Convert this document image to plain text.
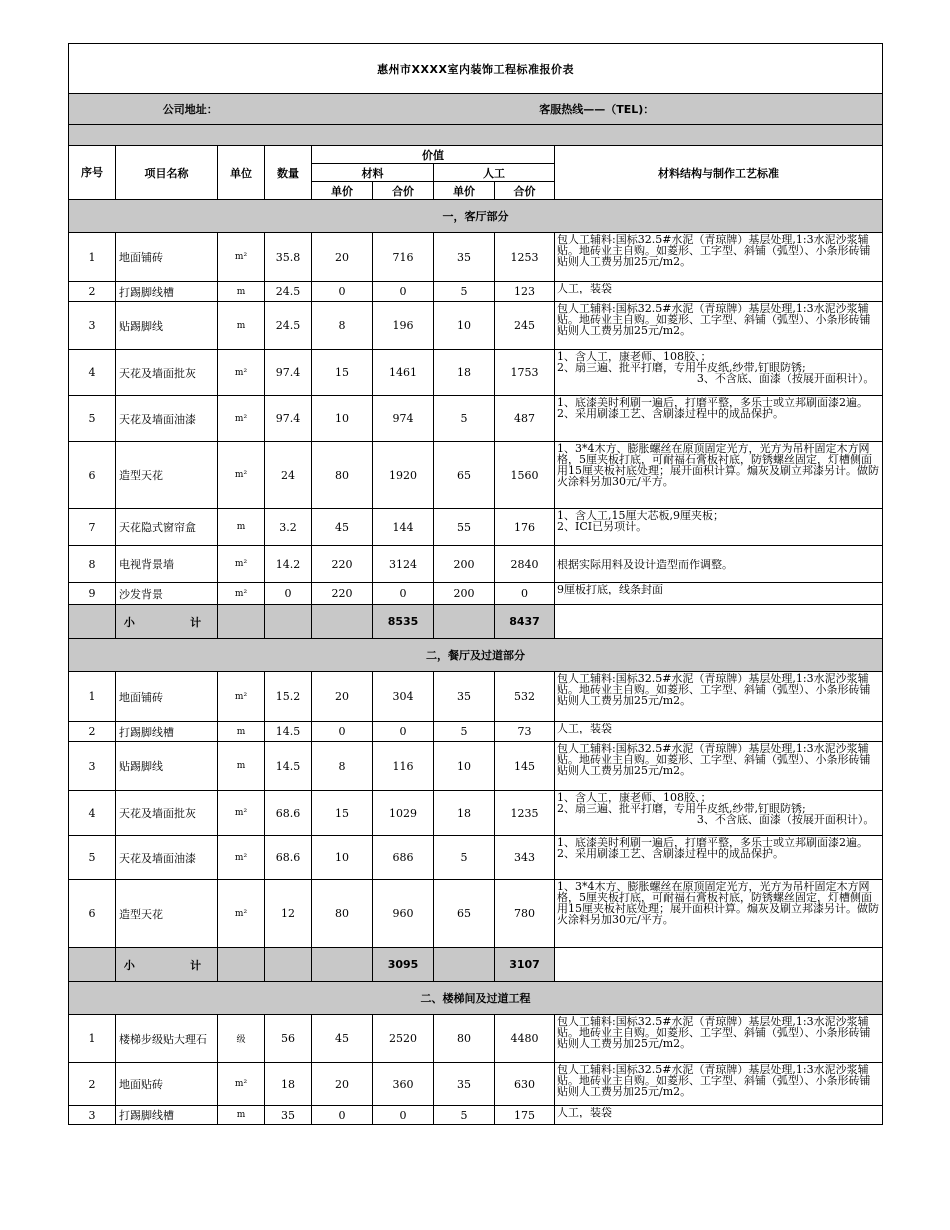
惠州市XXXX室内装饰工程标准报价表								
公司地址：				客服热线——（TEL)：				

序号	项目名称	单位	数量	价值				材料结构与制作工艺标准
				材料		人工		
				单价	合价	单价	合价	
一，客厅部分								
1	地面铺砖	m²	35.8	20	716	35	1253	包人工辅料:国标32.5#水泥（青琼牌）基层处理,1:3水泥沙浆辅贴。地砖业主自购。如菱形、工字型、斜铺（弧型）、小条形砖铺贴则人工费另加25元/m2。

2	打踢脚线槽	m	24.5	0	0	5	123	人工，装袋

3	贴踢脚线	m	24.5	8	196	10	245	包人工辅料:国标32.5#水泥（青琼牌）基层处理,1:3水泥沙浆辅贴。地砖业主自购。如菱形、工字型、斜铺（弧型）、小条形砖铺贴则人工费另加25元/m2。

4	天花及墙面批灰	m²	97.4	15	1461	18	1753	1、含人工，康老师、108胶、；
2、扇三遍、批平打磨，专用牛皮纸,纱带,钉眼防锈;
3、不含底、面漆（按展开面积计）。

5	天花及墙面油漆	m²	97.4	10	974	5	487	1、底漆美时利刷一遍后，打磨平整，多乐士或立邦刷面漆2遍。
2、采用刷漆工艺、含刷漆过程中的成品保护。

6	造型天花	m²	24	80	1920	65	1560	1、3*4木方、膨胀螺丝在原顶固定光方，光方为吊杆固定木方网格，5厘夹板打底，可耐福石膏板衬底，防锈螺丝固定，灯槽侧面用15厘夹板衬底处理；展开面积计算。煽灰及刷立邦漆另计。做防火涂料另加30元/平方。

7	天花隐式窗帘盒	m	3.2	45	144	55	176	1、含人工,15厘大芯板,9厘夹板；
2、ICI已另项计。

8	电视背景墙	m²	14.2	220	3124	200	2840	根据实际用料及设计造型而作调整。

9	沙发背景	m²	0	220	0	200	0	9厘板打底，线条封面

	小    计				8535		8437	
二，餐厅及过道部分								
1	地面铺砖	m²	15.2	20	304	35	532	包人工辅料:国标32.5#水泥（青琼牌）基层处理,1:3水泥沙浆辅贴。地砖业主自购。如菱形、工字型、斜铺（弧型）、小条形砖铺贴则人工费另加25元/m2。

2	打踢脚线槽	m	14.5	0	0	5	73	人工，装袋

3	贴踢脚线	m	14.5	8	116	10	145	包人工辅料:国标32.5#水泥（青琼牌）基层处理,1:3水泥沙浆辅贴。地砖业主自购。如菱形、工字型、斜铺（弧型）、小条形砖铺贴则人工费另加25元/m2。

4	天花及墙面批灰	m²	68.6	15	1029	18	1235	1、含人工，康老师、108胶、；
2、扇三遍、批平打磨，专用牛皮纸,纱带,钉眼防锈;
3、不含底、面漆（按展开面积计）。

5	天花及墙面油漆	m²	68.6	10	686	5	343	1、底漆美时利刷一遍后，打磨平整，多乐士或立邦刷面漆2遍。
2、采用刷漆工艺、含刷漆过程中的成品保护。

6	造型天花	m²	12	80	960	65	780	1、3*4木方、膨胀螺丝在原顶固定光方，光方为吊杆固定木方网格，5厘夹板打底，可耐福石膏板衬底，防锈螺丝固定，灯槽侧面用15厘夹板衬底处理；展开面积计算。煽灰及刷立邦漆另计。做防火涂料另加30元/平方。

	小    计				3095		3107	
二、楼梯间及过道工程								
1	楼梯步级贴大理石	级	56	45	2520	80	4480	包人工辅料:国标32.5#水泥（青琼牌）基层处理,1:3水泥沙浆辅贴。地砖业主自购。如菱形、工字型、斜铺（弧型）、小条形砖铺贴则人工费另加25元/m2。

2	地面贴砖	m²	18	20	360	35	630	包人工辅料:国标32.5#水泥（青琼牌）基层处理,1:3水泥沙浆辅贴。地砖业主自购。如菱形、工字型、斜铺（弧型）、小条形砖铺贴则人工费另加25元/m2。

3	打踢脚线槽	m	35	0	0	5	175	人工，装袋
